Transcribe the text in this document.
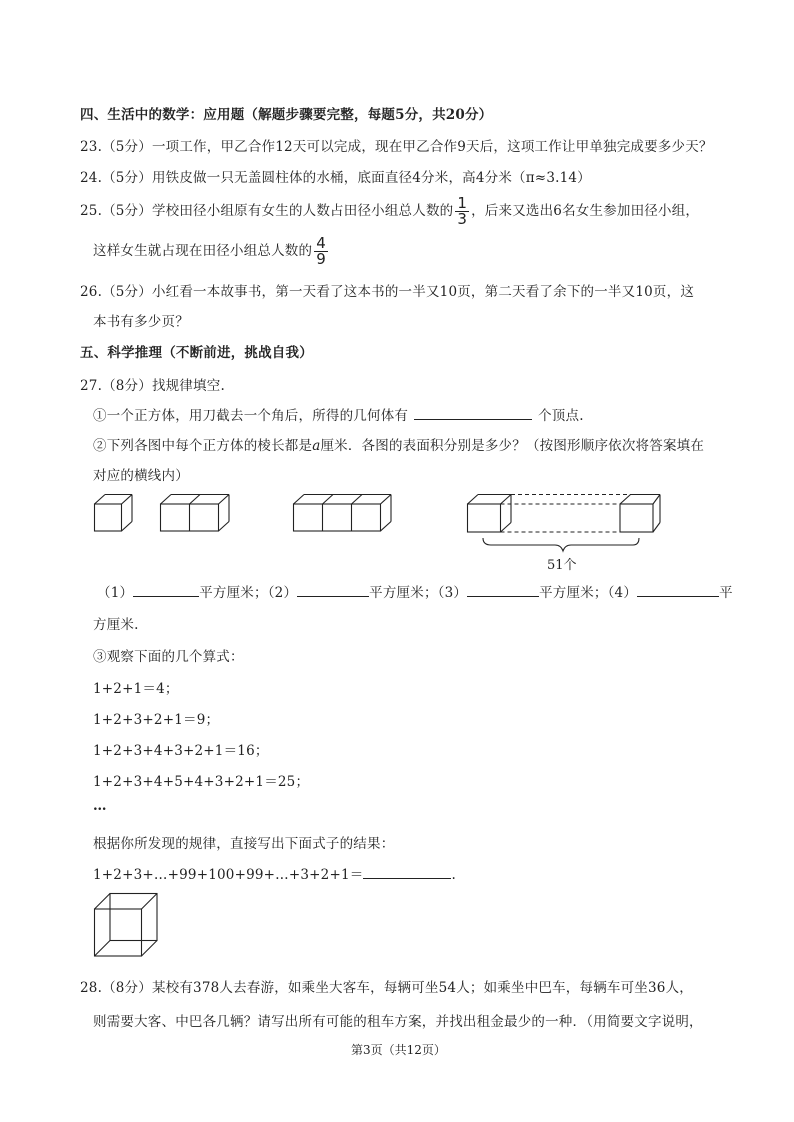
四、生活中的数学：应用题（解题步骤要完整，每题5分，共20分）
23.（5分）一项工作，甲乙合作12天可以完成，现在甲乙合作9天后，这项工作让甲单独完成要多少天？
24.（5分）用铁皮做一只无盖圆柱体的水桶，底面直径4分米，高4分米（π≈3.14）
25.（5分）学校田径小组原有女生的人数占田径小组总人数的 $\frac{1}{3}$ ，后来又选出6名女生参加田径小组，
这样女生就占现在田径小组总人数的 $\frac{4}{9}$
26.（5分）小红看一本故事书，第一天看了这本书的一半又10页，第二天看了余下的一半又10页，这
本书有多少页？
五、科学推理（不断前进，挑战自我）
27.（8分）找规律填空.
①一个正方体，用刀截去一个角后，所得的几何体有	个顶点.
②下列各图中每个正方体的棱长都是a厘米．各图的表面积分别是多少？（按图形顺序依次将答案填在
对应的横线内）
51个
（1）	平方厘米；（2）	平方厘米；（3）	平方厘米；（4）	平
方厘米.
③观察下面的几个算式：
1+2+1＝4；
1+2+3+2+1＝9；
1+2+3+4+3+2+1＝16；
1+2+3+4+5+4+3+2+1＝25；
…
根据你所发现的规律，直接写出下面式子的结果：
1+2+3+…+99+100+99+…+3+2+1＝	.
28.（8分）某校有378人去春游，如乘坐大客车，每辆可坐54人；如乘坐中巴车，每辆车可坐36人，
则需要大客、中巴各几辆？请写出所有可能的租车方案，并找出租金最少的一种．（用简要文字说明，
第3页（共12页）
